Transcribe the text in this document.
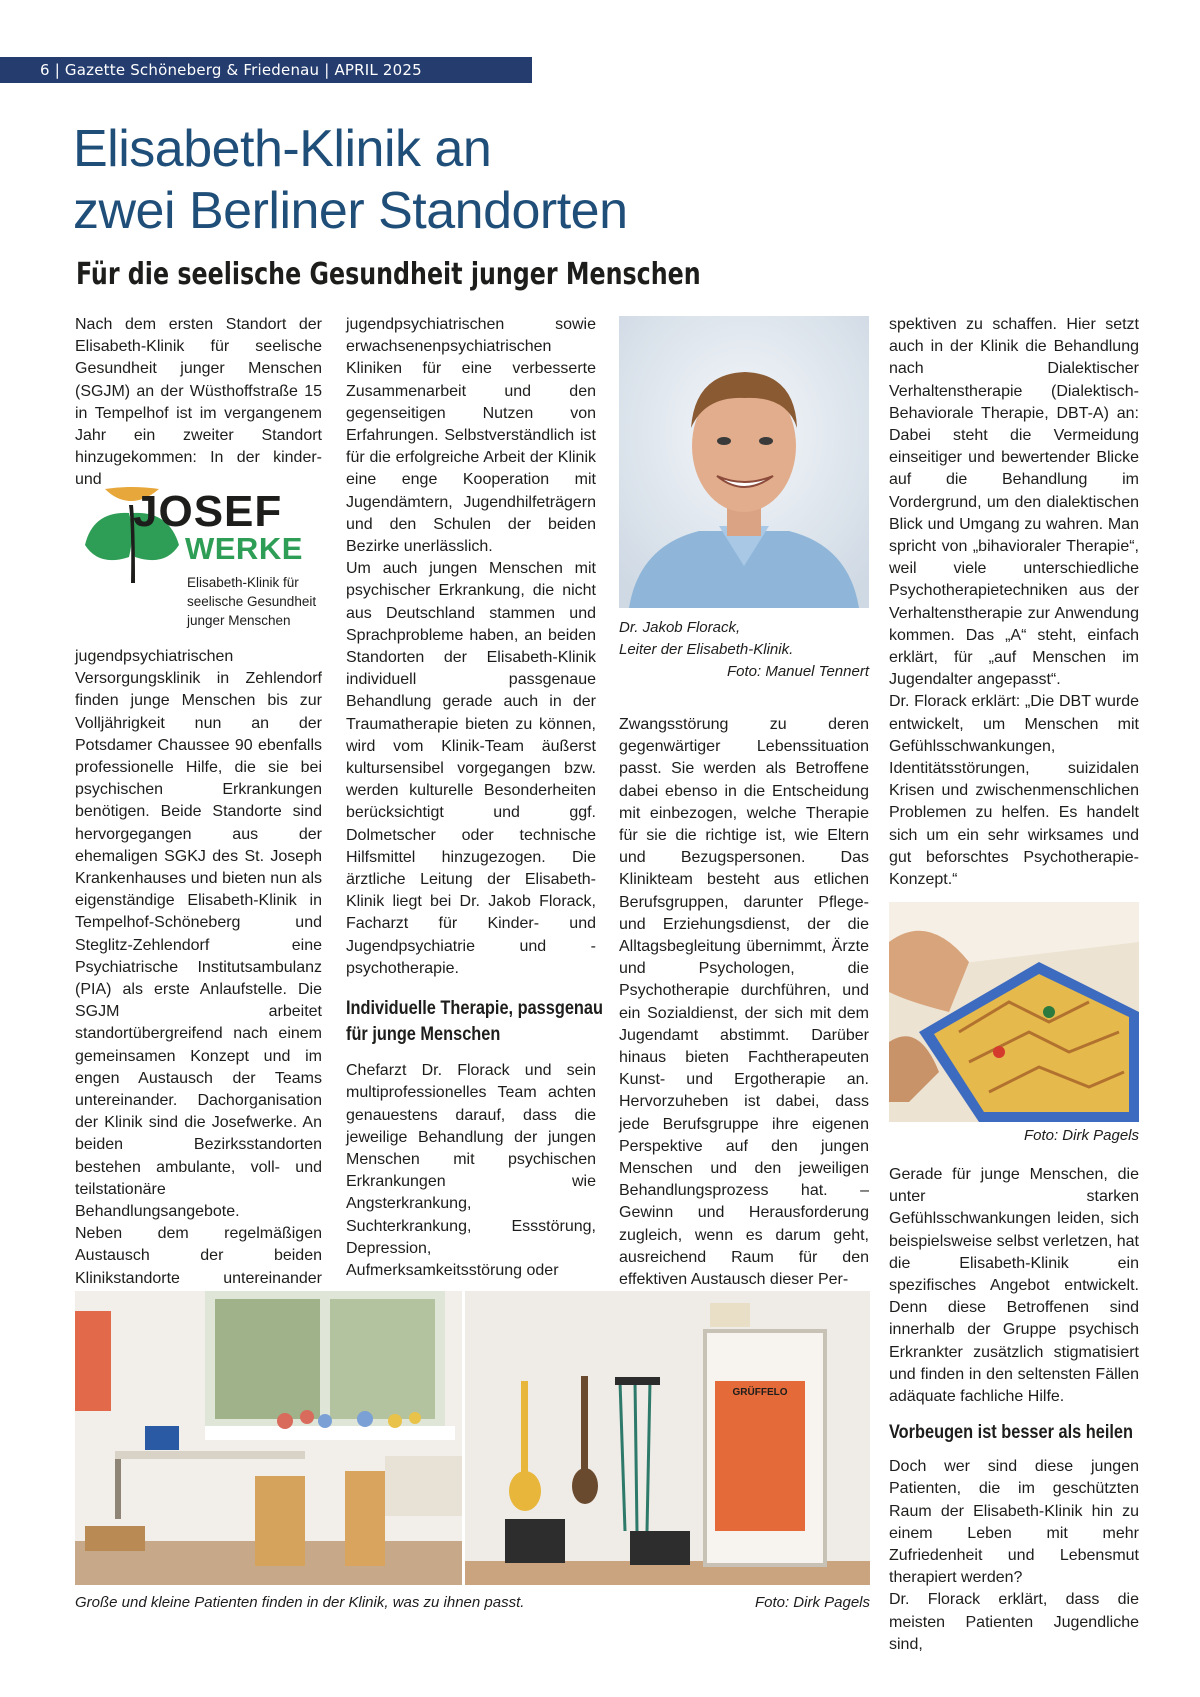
6 | Gazette Schöneberg & Friedenau | APRIL 2025
Elisabeth-Klinik an
zwei Berliner Standorten
Für die seelische Gesundheit junger Menschen

Nach dem ersten Standort der Elisabeth-Klinik für seelische Gesundheit junger Menschen (SGJM) an der Wüsthoffstraße 15 in Tempelhof ist im vergangenem Jahr ein zweiter Standort hinzugekommen: In der kinder- und

JOSEF
WERKE
Elisabeth-Klinik für
seelische Gesundheit
junger Menschen

jugendpsychiatrischen Versorgungsklinik in Zehlendorf finden junge Menschen bis zur Volljährigkeit nun an der Potsdamer Chaussee 90 ebenfalls professionelle Hilfe, die sie bei psychischen Erkrankungen benötigen. Beide Standorte sind hervorgegangen aus der ehemaligen SGKJ des St. Joseph Krankenhauses und bieten nun als eigenständige Elisabeth-Klinik in Tempelhof-Schöneberg und Steglitz-Zehlendorf eine Psychiatrische Institutsambulanz (PIA) als erste Anlaufstelle. Die SGJM arbeitet standortübergreifend nach einem gemeinsamen Konzept und im engen Austausch der Teams untereinander. Dachorganisation der Klinik sind die Josefwerke. An beiden Bezirksstandorten bestehen ambulante, voll- und teilstationäre Behandlungsangebote.

Neben dem regelmäßigen Austausch der beiden Klinikstandorte untereinander

jugendpsychiatrischen sowie erwachsenenpsychiatrischen Kliniken für eine verbesserte Zusammenarbeit und den gegenseitigen Nutzen von Erfahrungen. Selbstverständlich ist für die erfolgreiche Arbeit der Klinik eine enge Kooperation mit Jugendämtern, Jugendhilfeträgern und den Schulen der beiden Bezirke unerlässlich.

Um auch jungen Menschen mit psychischer Erkrankung, die nicht aus Deutschland stammen und Sprachprobleme haben, an beiden Standorten der Elisabeth-Klinik individuell passgenaue Behandlung gerade auch in der Traumatherapie bieten zu können, wird vom Klinik-Team äußerst kultursensibel vorgegangen bzw. werden kulturelle Besonderheiten berücksichtigt und ggf. Dolmetscher oder technische Hilfsmittel hinzugezogen. Die ärztliche Leitung der Elisabeth-Klinik liegt bei Dr. Jakob Florack, Facharzt für Kinder- und Jugendpsychiatrie und -psychotherapie.

Individuelle Therapie, passgenau

für junge Menschen

Chefarzt Dr. Florack und sein multiprofessionelles Team achten genauestens darauf, dass die jeweilige Behandlung der jungen Menschen mit psychischen Erkrankungen wie Angsterkrankung, Suchterkrankung, Essstörung, Depression, Aufmerksamkeitsstörung oder

Dr. Jakob Florack,
Leiter der Elisabeth-Klinik.
Foto: Manuel Tennert

Zwangsstörung zu deren gegenwärtiger Lebenssituation passt. Sie werden als Betroffene dabei ebenso in die Entscheidung mit einbezogen, welche Therapie für sie die richtige ist, wie Eltern und Bezugspersonen. Das Klinikteam besteht aus etlichen Berufsgruppen, darunter Pflege- und Erziehungsdienst, der die Alltagsbegleitung übernimmt, Ärzte und Psychologen, die Psychotherapie durchführen, und ein Sozialdienst, der sich mit dem Jugendamt abstimmt. Darüber hinaus bieten Fachtherapeuten Kunst- und Ergotherapie an. Hervorzuheben ist dabei, dass jede Berufsgruppe ihre eigenen Perspektive auf den jungen Menschen und den jeweiligen Behandlungsprozess hat. – Gewinn und Herausforderung zugleich, wenn es darum geht, ausreichend Raum für den effektiven Austausch dieser Per-

spektiven zu schaffen. Hier setzt auch in der Klinik die Behandlung nach Dialektischer Verhaltenstherapie (Dialektisch-Behaviorale Therapie, DBT-A) an: Dabei steht die Vermeidung einseitiger und bewertender Blicke auf die Behandlung im Vordergrund, um den dialektischen Blick und Umgang zu wahren. Man spricht von „bihavioraler Therapie“, weil viele unterschiedliche Psychotherapietechniken aus der Verhaltenstherapie zur Anwendung kommen. Das „A“ steht, einfach erklärt, für „auf Menschen im Jugendalter angepasst“.

Dr. Florack erklärt: „Die DBT wurde entwickelt, um Menschen mit Gefühlsschwankungen, Identitätsstörungen, suizidalen Krisen und zwischenmenschlichen Problemen zu helfen. Es handelt sich um ein sehr wirksames und gut beforschtes Psychotherapie-Konzept.“

Foto: Dirk Pagels

Gerade für junge Menschen, die unter starken Gefühlsschwankungen leiden, sich beispielsweise selbst verletzen, hat die Elisabeth-Klinik ein spezifisches Angebot entwickelt. Denn diese Betroffenen sind innerhalb der Gruppe psychisch Erkrankter zusätzlich stigmatisiert und finden in den seltensten Fällen adäquate fachliche Hilfe.

Vorbeugen ist besser als heilen

Doch wer sind diese jungen Patienten, die im geschützten Raum der Elisabeth-Klinik hin zu einem Leben mit mehr Zufriedenheit und Lebensmut therapiert werden?

Dr. Florack erklärt, dass die meisten Patienten Jugendliche sind,

GRÜFFELO
Große und kleine Patienten finden in der Klinik, was zu ihnen passt.	Foto: Dirk Pagels
